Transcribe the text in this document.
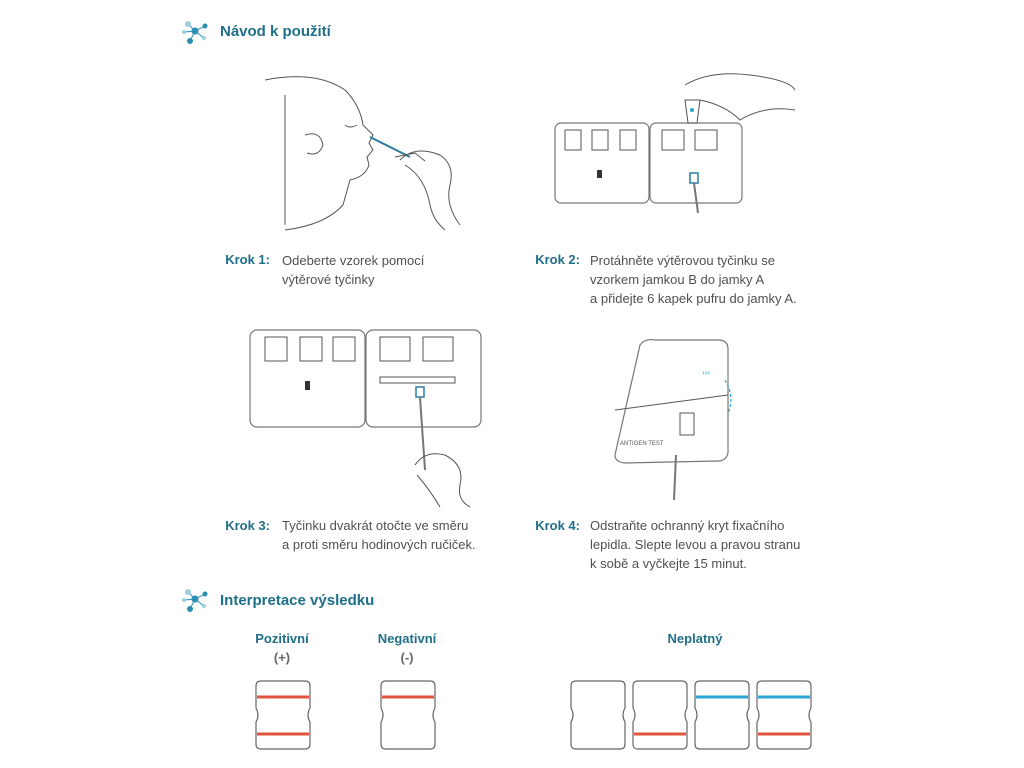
Návod k použití
Krok 1: Odeberte vzorek pomocí
výtěrové tyčinky
Krok 2: Protáhněte výtěrovou tyčinku se
vzorkem jamkou B do jamky A
a přidejte 6 kapek pufru do jamky A.
ANTIGEN TEST
›››
Krok 3: Tyčinku dvakrát otočte ve směru
a proti směru hodinových ručiček.
Krok 4: Odstraňte ochranný kryt fixačního
lepidla. Slepte levou a pravou stranu
k sobě a vyčkejte 15 minut.
Interpretace výsledku
Pozitivní
(+)
Negativní
(-)
Neplatný
